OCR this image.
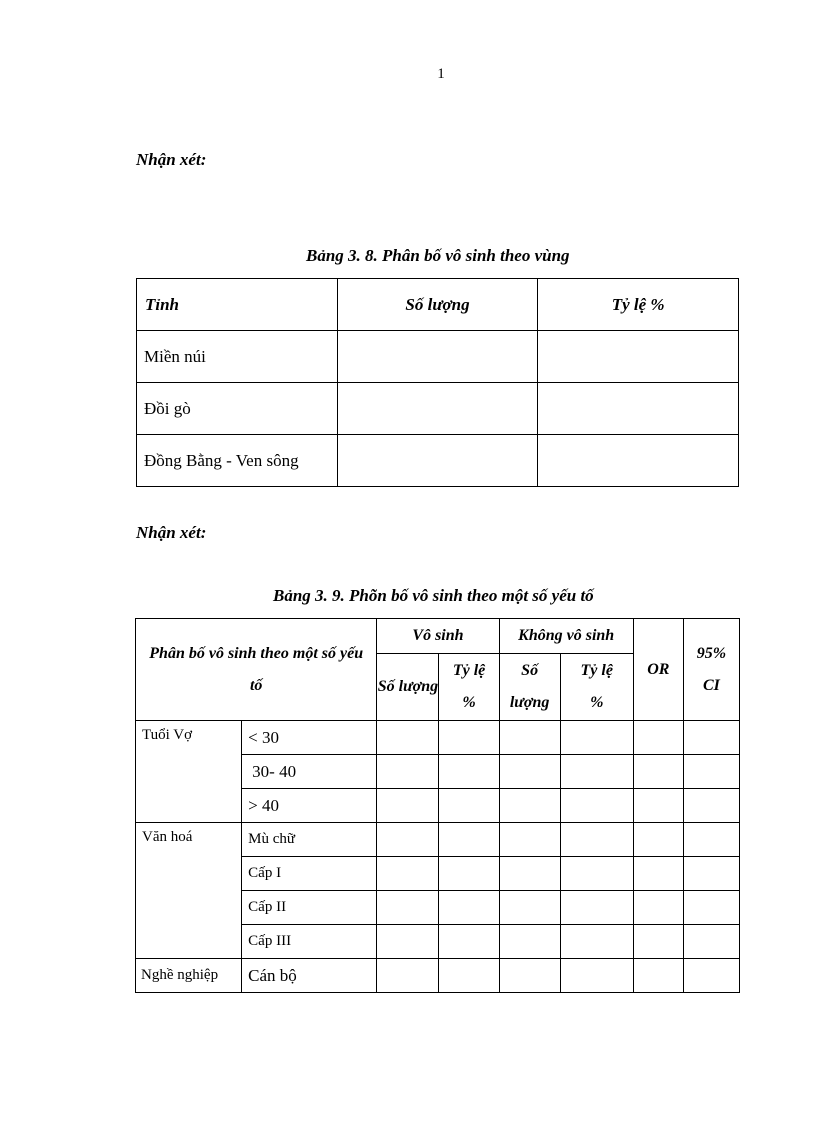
1
Nhận xét:
Bảng 3. 8. Phân bố vô sinh theo vùng
Tỉnh	Số lượng	Tỷ lệ %
Miền núi		
Đồi gò		
Đồng Bằng - Ven sông		
Nhận xét:
Bảng 3. 9. Phõn bố vô sinh theo một số yếu tố
Phân bố vô sinh theo một số yếu tố		Vô sinh		Không vô sinh		OR	95% CI
		Số lượng	Tỷ lệ %	Số lượng	Tỷ lệ %		
Tuổi Vợ	< 30						
	30- 40						
	> 40						
Văn hoá	Mù chữ						
	Cấp I						
	Cấp II						
	Cấp III						
Nghề nghiệp	Cán bộ						
